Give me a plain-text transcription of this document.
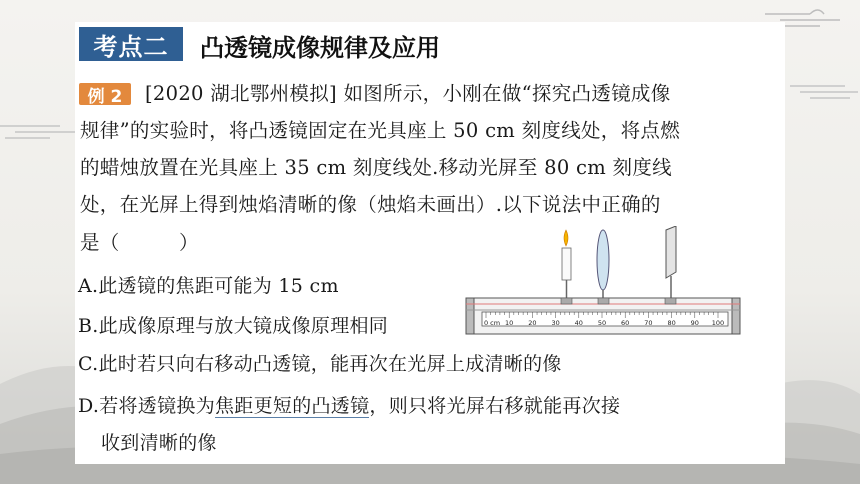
考点二	凸透镜成像规律及应用
例 2	[2020 湖北鄂州模拟] 如图所示，小刚在做“探究凸透镜成像
规律”的实验时，将凸透镜固定在光具座上 50 cm 刻度线处，将点燃
的蜡烛放置在光具座上 35 cm 刻度线处.移动光屏至 80 cm 刻度线
处，在光屏上得到烛焰清晰的像（烛焰未画出）.以下说法中正确的
是（　　　）
A.此透镜的焦距可能为 15 cm
B.此成像原理与放大镜成像原理相同
C.此时若只向右移动凸透镜，能再次在光屏上成清晰的像
D.若将透镜换为焦距更短的凸透镜，则只将光屏右移就能再次接
收到清晰的像
0 cm 10 20 30 40 50 60 70 80 90 100
